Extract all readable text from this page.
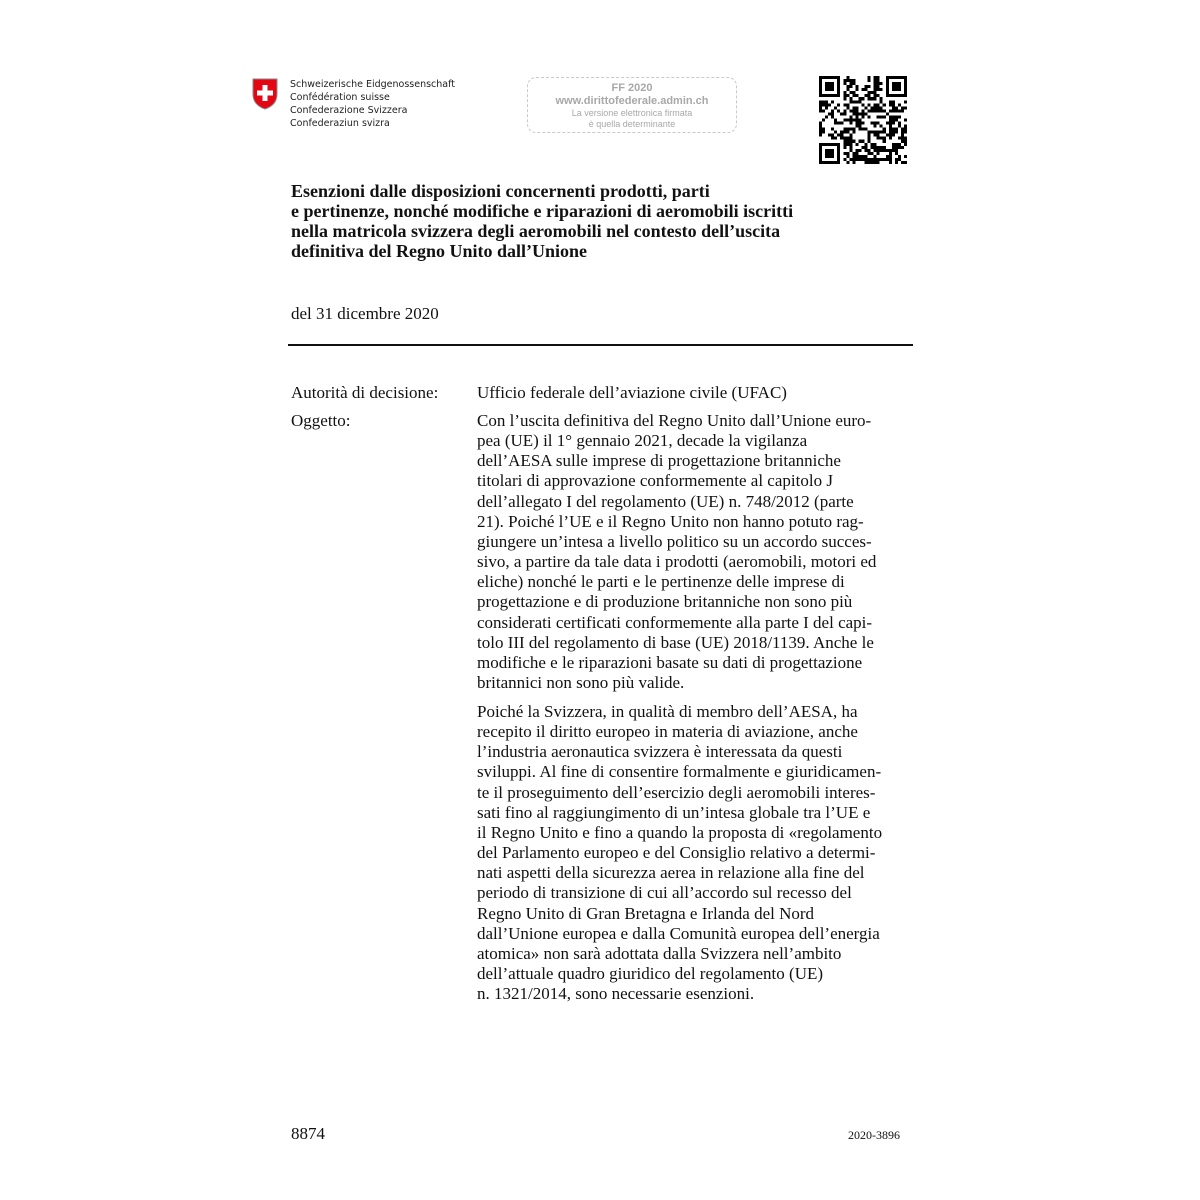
Schweizerische Eidgenossenschaft
Confédération suisse
Confederazione Svizzera
Confederaziun svizra
FF 2020
www.dirittofederale.admin.ch
La versione elettronica firmata
è quella determinante
Esenzioni dalle disposizioni concernenti prodotti, parti
e pertinenze, nonché modifiche e riparazioni di aeromobili iscritti
nella matricola svizzera degli aeromobili nel contesto dell’uscita
definitiva del Regno Unito dall’Unione
del 31 dicembre 2020
Autorità di decisione: Ufficio federale dell’aviazione civile (UFAC)
Oggetto:	Con l’uscita definitiva del Regno Unito dall’Unione euro-
pea (UE) il 1° gennaio 2021, decade la vigilanza
dell’AESA sulle imprese di progettazione britanniche
titolari di approvazione conformemente al capitolo J
dell’allegato I del regolamento (UE) n. 748/2012 (parte
21). Poiché l’UE e il Regno Unito non hanno potuto rag-
giungere un’intesa a livello politico su un accordo succes-
sivo, a partire da tale data i prodotti (aeromobili, motori ed
eliche) nonché le parti e le pertinenze delle imprese di
progettazione e di produzione britanniche non sono più
considerati certificati conformemente alla parte I del capi-
tolo III del regolamento di base (UE) 2018/1139. Anche le
modifiche e le riparazioni basate su dati di progettazione
britannici non sono più valide.
Poiché la Svizzera, in qualità di membro dell’AESA, ha
recepito il diritto europeo in materia di aviazione, anche
l’industria aeronautica svizzera è interessata da questi
sviluppi. Al fine di consentire formalmente e giuridicamen-
te il proseguimento dell’esercizio degli aeromobili interes-
sati fino al raggiungimento di un’intesa globale tra l’UE e
il Regno Unito e fino a quando la proposta di «regolamento
del Parlamento europeo e del Consiglio relativo a determi-
nati aspetti della sicurezza aerea in relazione alla fine del
periodo di transizione di cui all’accordo sul recesso del
Regno Unito di Gran Bretagna e Irlanda del Nord
dall’Unione europea e dalla Comunità europea dell’energia
atomica» non sarà adottata dalla Svizzera nell’ambito
dell’attuale quadro giuridico del regolamento (UE)
n. 1321/2014, sono necessarie esenzioni.
8874	2020-3896
